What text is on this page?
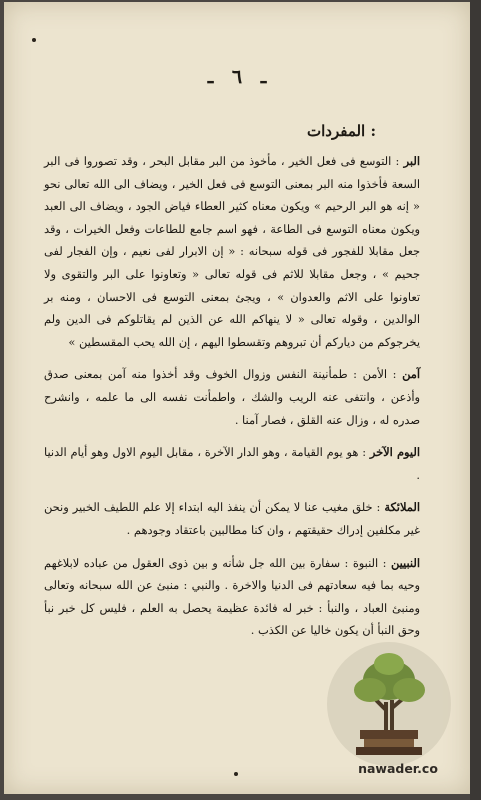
ـ ٦ ـ
المفردات :

البر : التوسع فى فعل الخير ، مأخوذ من البر مقابل البحر ، وقد تصوروا فى البر السعة فأخذوا منه البر بمعنى التوسع فى فعل الخير ، ويضاف الى الله تعالى نحو « إنه هو البر الرحيم » ويكون معناه كثير العطاء فياض الجود ، ويضاف الى العبد ويكون معناه التوسع فى الطاعة ، فهو اسم جامع للطاعات وفعل الخيرات ، وقد جعل مقابلا للفجور فى قوله سبحانه : « إن الابرار لفى نعيم ، وإن الفجار لفى جحيم » ، وجعل مقابلا للاثم فى قوله تعالى « وتعاونوا على البر والتقوى ولا تعاونوا على الاثم والعدوان » ، ويجئ بمعنى التوسع فى الاحسان ، ومنه بر الوالدين ، وقوله تعالى « لا ينهاكم الله عن الذين لم يقاتلوكم فى الدين ولم يخرجوكم من دياركم أن تبروهم وتقسطوا اليهم ، إن الله يحب المقسطين »

آمن : الأمن : طمأنينة النفس وزوال الخوف وقد أخذوا منه آمن بمعنى صدق وأذعن ، وانتفى عنه الريب والشك ، واطمأنت نفسه الى ما علمه ، وانشرح صدره له ، وزال عنه القلق ، فصار آمنا .

اليوم الآخر : هو يوم القيامة ، وهو الدار الآخرة ، مقابل اليوم الاول وهو أيام الدنيا .

الملائكة : خلق مغيب عنا لا يمكن أن ينفذ اليه ابتداء إلا علم اللطيف الخبير ونحن غير مكلفين إدراك حقيقتهم ، وان كنا مطالبين باعتقاد وجودهم .

النبيين : النبوة : سفارة بين الله جل شأنه و بين ذوى العقول من عباده لابلاغهم وحيه بما فيه سعادتهم فى الدنيا والاخرة . والنبي : منبئ عن الله سبحانه وتعالى ومنبئ العباد ، والنبأ : خبر له فائدة عظيمة يحصل به العلم ، فليس كل خبر نبأ وحق النبأ أن يكون خاليا عن الكذب .

nawader.co
